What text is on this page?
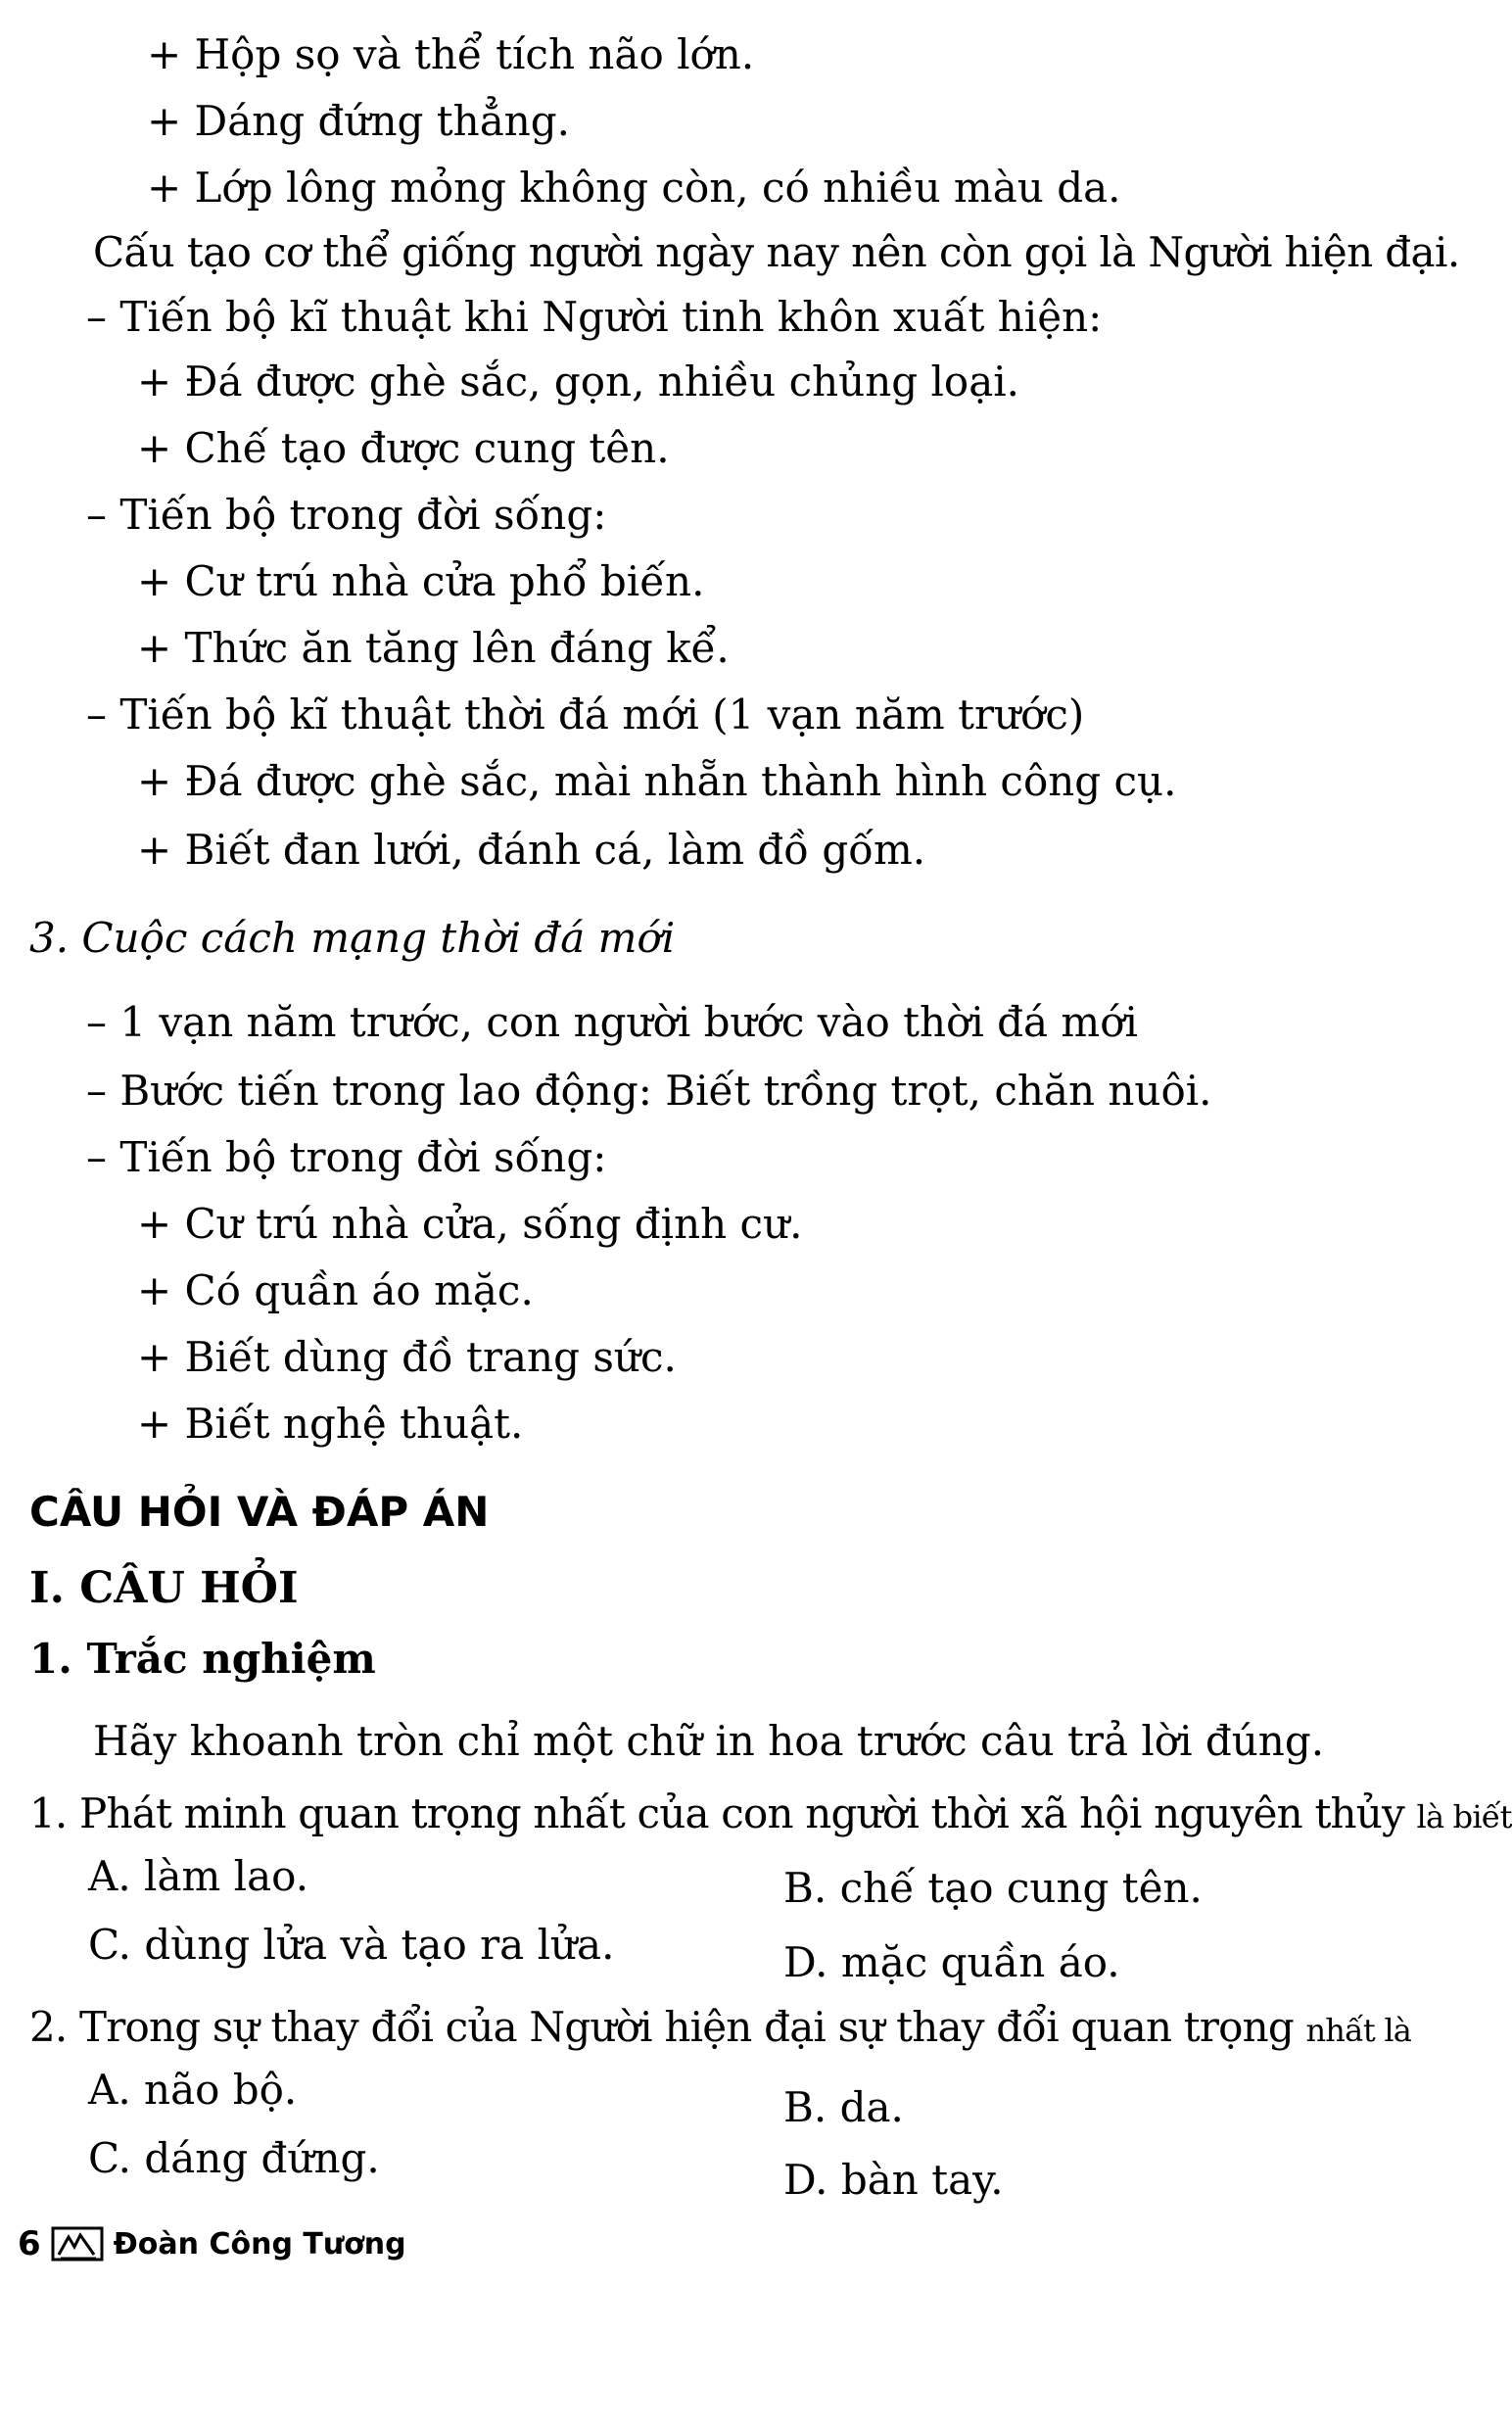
+ Hộp sọ và thể tích não lớn.
+ Dáng đứng thẳng.
+ Lớp lông mỏng không còn, có nhiều màu da.
Cấu tạo cơ thể giống người ngày nay nên còn gọi là Người hiện đại.
– Tiến bộ kĩ thuật khi Người tinh khôn xuất hiện:
+ Đá được ghè sắc, gọn, nhiều chủng loại.
+ Chế tạo được cung tên.
– Tiến bộ trong đời sống:
+ Cư trú nhà cửa phổ biến.
+ Thức ăn tăng lên đáng kể.
– Tiến bộ kĩ thuật thời đá mới (1 vạn năm trước)
+ Đá được ghè sắc, mài nhẵn thành hình công cụ.
+ Biết đan lưới, đánh cá, làm đồ gốm.
3. Cuộc cách mạng thời đá mới
– 1 vạn năm trước, con người bước vào thời đá mới
– Bước tiến trong lao động: Biết trồng trọt, chăn nuôi.
– Tiến bộ trong đời sống:
+ Cư trú nhà cửa, sống định cư.
+ Có quần áo mặc.
+ Biết dùng đồ trang sức.
+ Biết nghệ thuật.
CÂU HỎI VÀ ĐÁP ÁN
I. CÂU HỎI
1. Trắc nghiệm
Hãy khoanh tròn chỉ một chữ in hoa trước câu trả lời đúng.
1. Phát minh quan trọng nhất của con người thời xã hội nguyên thủy là biết
A. làm lao.	B. chế tạo cung tên.
C. dùng lửa và tạo ra lửa.	D. mặc quần áo.
2. Trong sự thay đổi của Người hiện đại sự thay đổi quan trọng nhất là
A. não bộ.	B. da.
C. dáng đứng.	D. bàn tay.
6 Đoàn Công Tương
